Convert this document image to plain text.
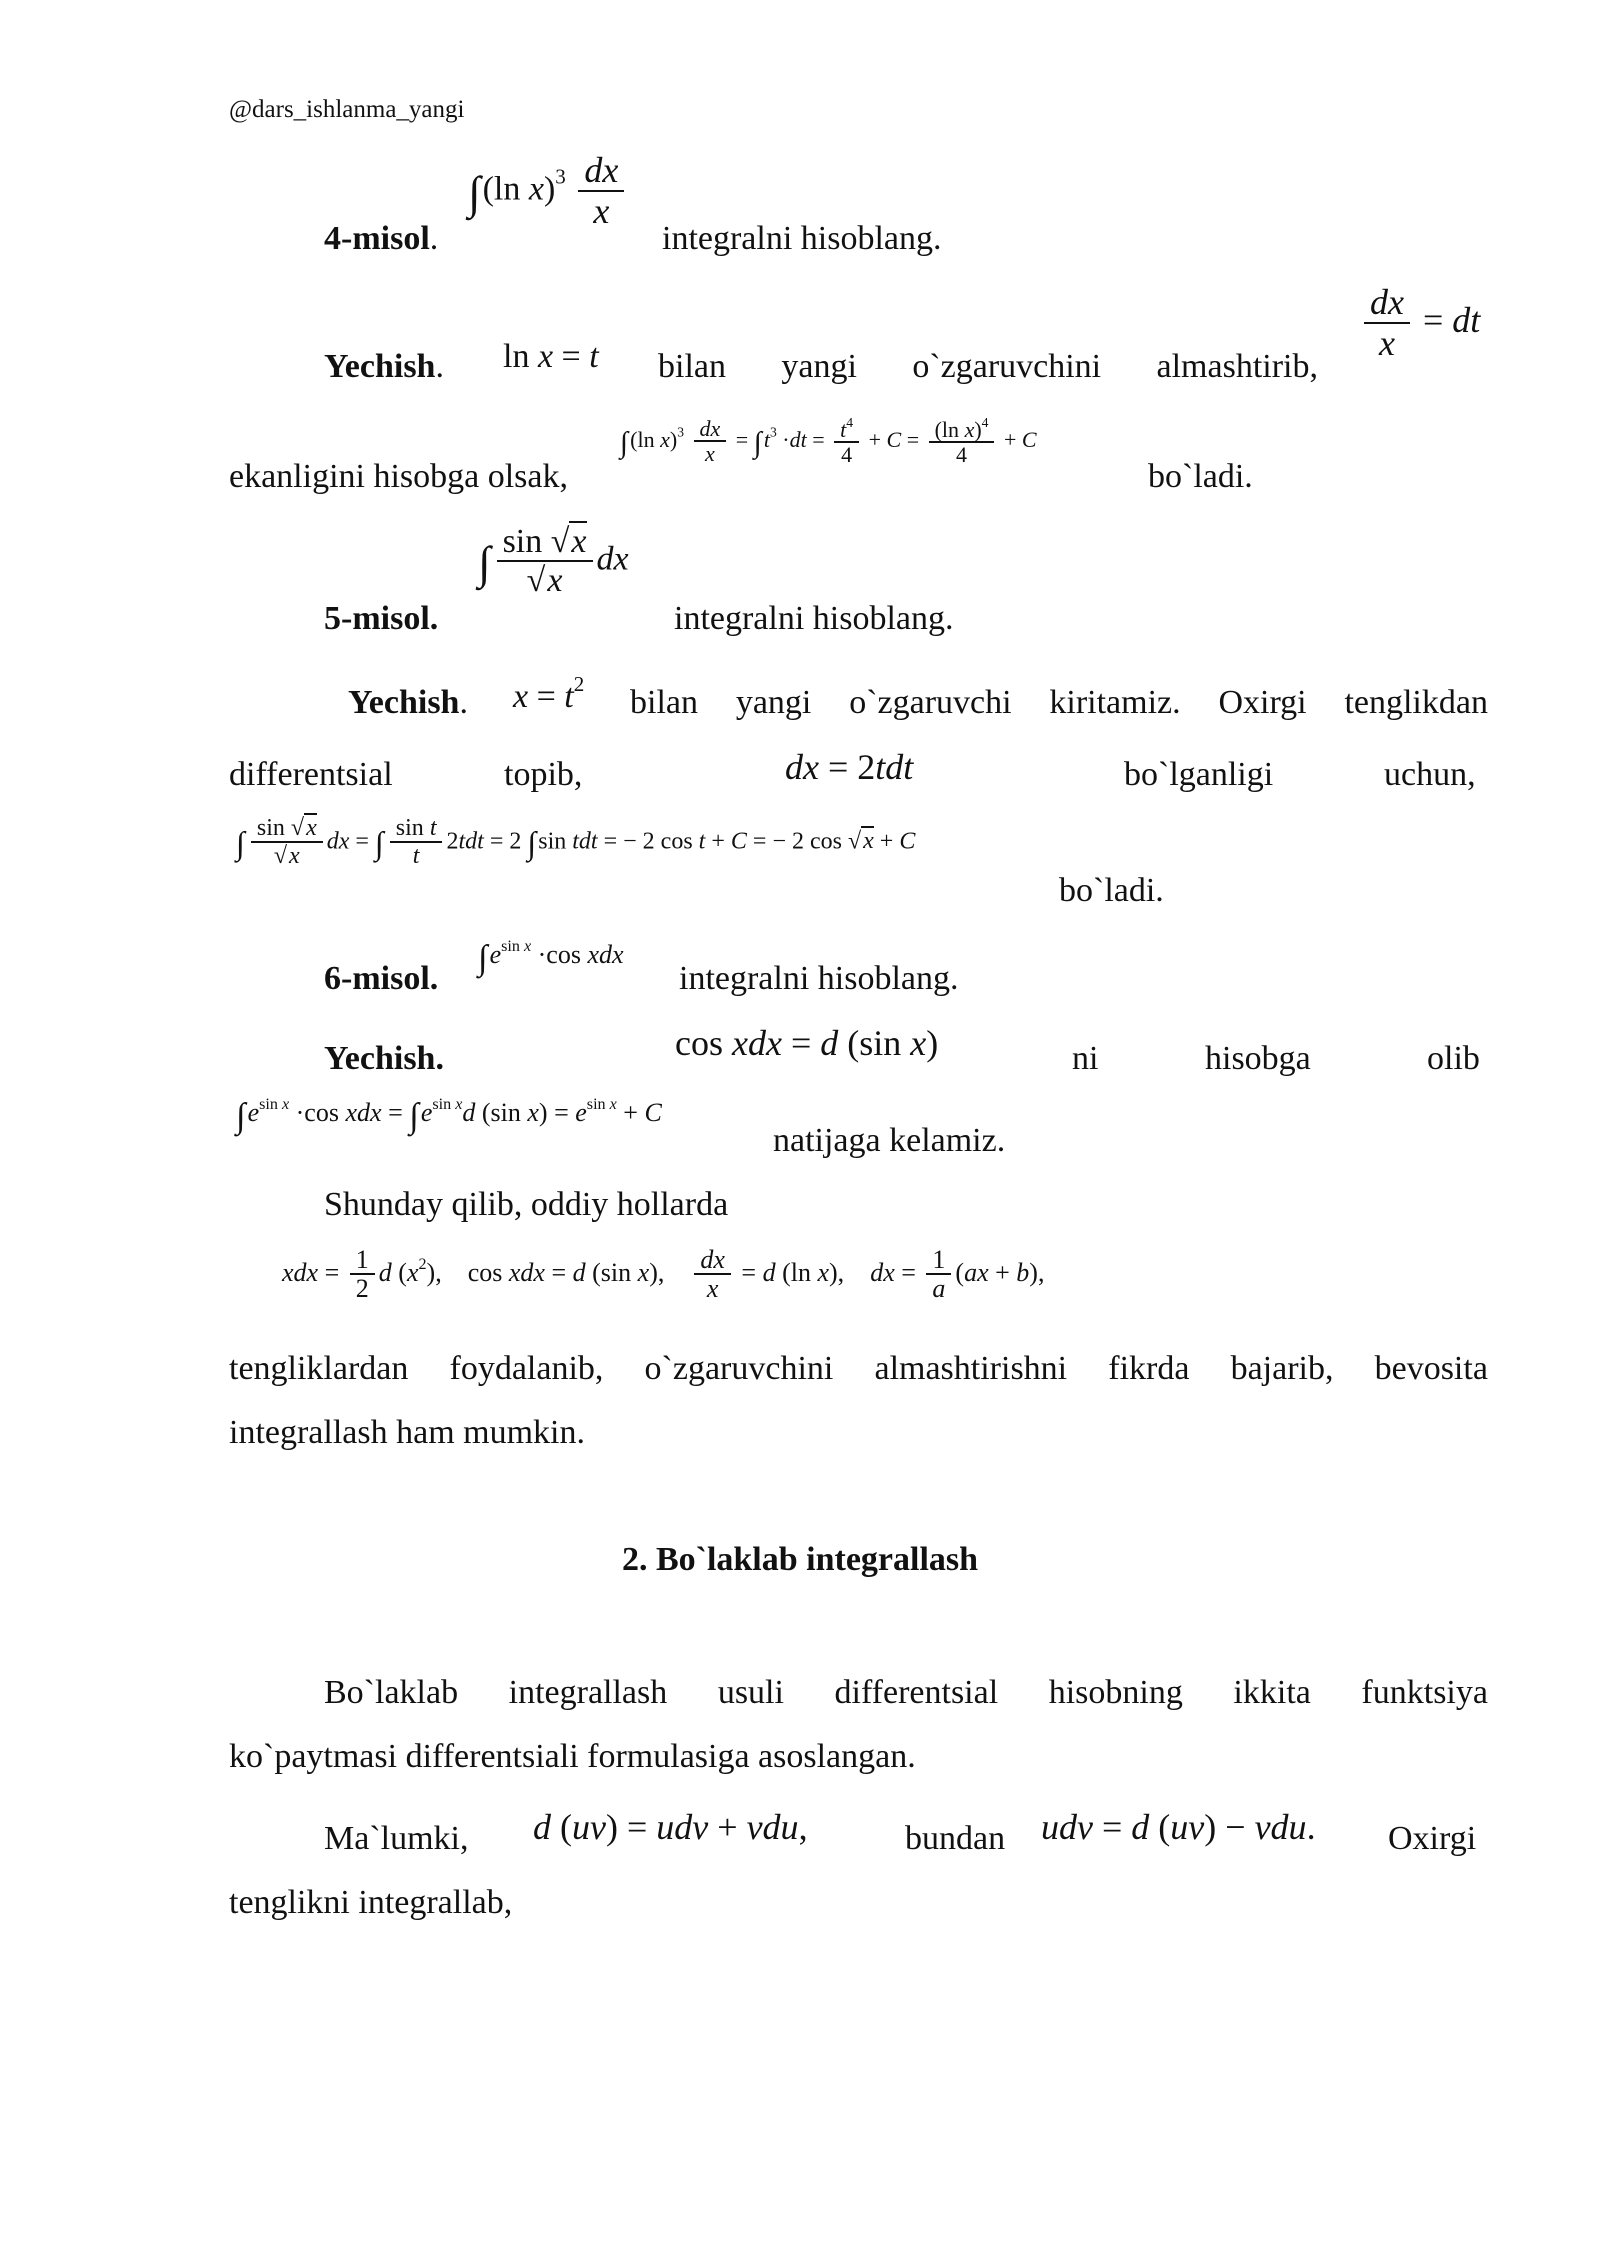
@dars_ishlanma_yangi
4-misol.
∫(ln $x)^3 \frac{dx}{x}$
integralni hisoblang.
Yechish. ln x = t bilan yangi o`zgaruvchini almashtirib,
$\frac{dx}{x}$ = dt
ekanligini hisobga olsak,
∫(ln $x)^3 \frac{dx}{x} = \int t^3 \cdot dt = \frac{t^4}{4} + C = \frac{(\ln x)^4}{4} + C$
bo`ladi.
5-misol.
∫ $\frac{\sin √x}{√x}$ dx
integralni hisoblang.
Yechish. $x = t^2$ bilan yangi o`zgaruvchi kiritamiz. Oxirgi tenglikdan
differentsial	topib,	dx = 2tdt	bo`lganligi	uchun,
∫ $\frac{\sin √x}{√x}$ dx = ∫ $\frac{\text{sin t}}{t} 2tdt = 2$ ∫sin tdt = − 2 cos t + C = − 2 cos √x + C
bo`ladi.
6-misol.
$\int e^{sin x} \cdot\cos$ xdx
integralni hisoblang.
Yechish.	cos xdx = d (sin x)	ni	hisobga	olib
$\int e^{sin x} \cdot\cos$ xdx = $\int e^{sin x}d$ (sin $x) = e^{sin x} + C$
natijaga kelamiz.
Shunday qilib, oddiy hollarda
xdx = $\frac{1}{2}$ d $(x^2)$,    cos xdx = d (sin x), $\frac{dx}{x} = d$ (ln x),    dx = $\frac{1}{a} (ax + b)$,
tengliklardan foydalanib, o`zgaruvchini almashtirishni fikrda bajarib, bevosita
integrallash ham mumkin.
2. Bo`laklab integrallash
Bo`laklab integrallash usuli differentsial hisobning ikkita funktsiya
ko`paytmasi differentsiali formulasiga asoslangan.
Ma`lumki, d (uv) = udv + vdu,	bundan udv = d (uv) − vdu. Oxirgi
tenglikni integrallab,
